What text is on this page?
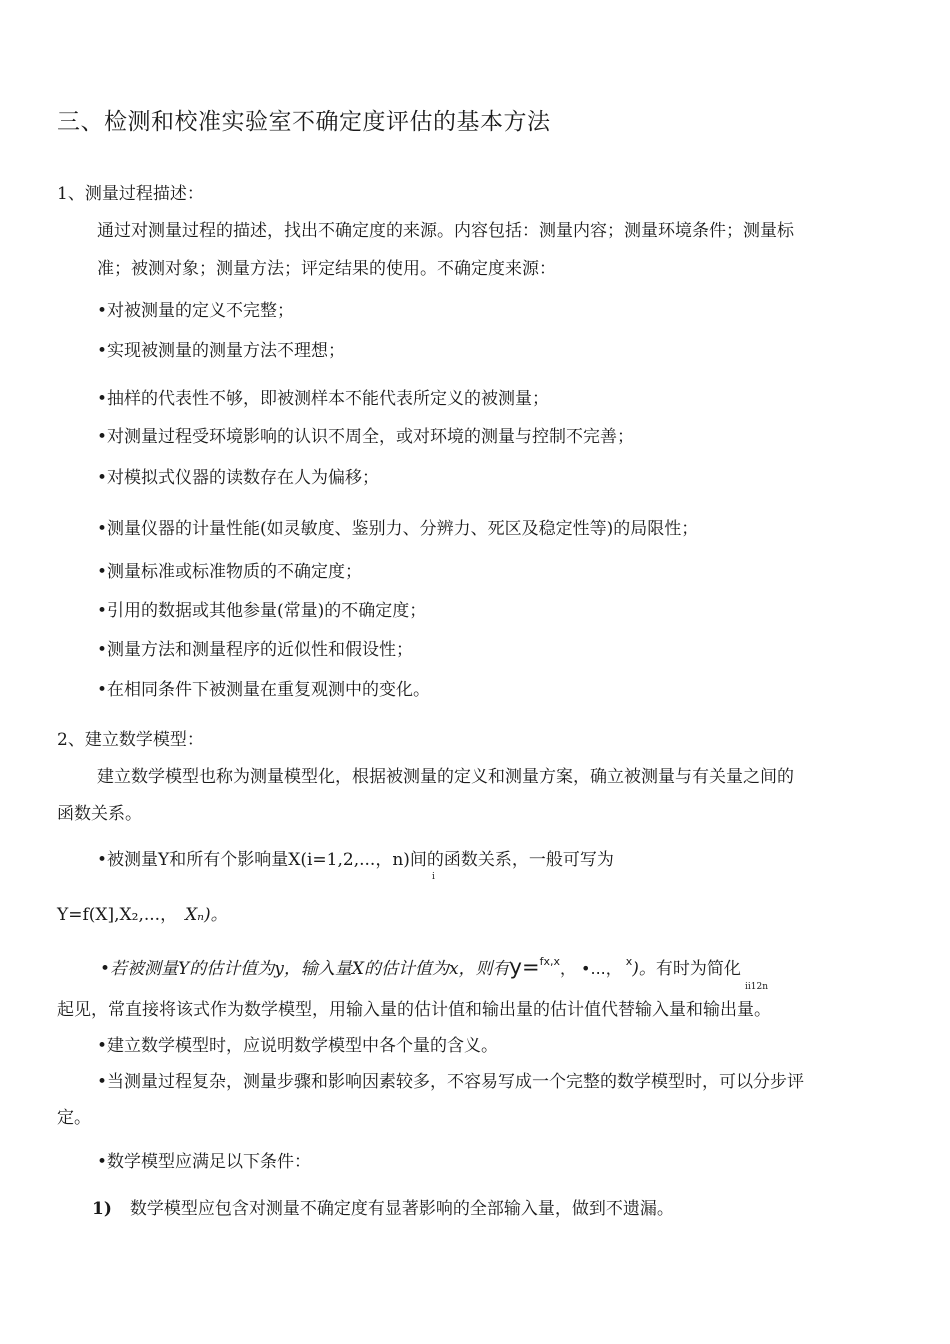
三、检测和校准实验室不确定度评估的基本方法
1、测量过程描述：
通过对测量过程的描述，找出不确定度的来源。内容包括：测量内容；测量环境条件；测量标
准；被测对象；测量方法；评定结果的使用。不确定度来源：
•对被测量的定义不完整；
•实现被测量的测量方法不理想；
•抽样的代表性不够，即被测样本不能代表所定义的被测量；
•对测量过程受环境影响的认识不周全，或对环境的测量与控制不完善；
•对模拟式仪器的读数存在人为偏移；
•测量仪器的计量性能(如灵敏度、鉴别力、分辨力、死区及稳定性等)的局限性；
•测量标准或标准物质的不确定度；
•引用的数据或其他参量(常量)的不确定度；
•测量方法和测量程序的近似性和假设性；
•在相同条件下被测量在重复观测中的变化。
2、建立数学模型：
建立数学模型也称为测量模型化，根据被测量的定义和测量方案，确立被测量与有关量之间的
函数关系。
•被测量Y和所有个影响量X(i=1,2,...，n)间的函数关系，一般可写为
i
Y=f(X],X₂,...， Xₙ)。
•若被测量Y的估计值为y，输入量X的估计值为x，则有y=$^{fx,x}$， •...， $^x$)。有时为简化
ii12n
起见，常直接将该式作为数学模型，用输入量的估计值和输出量的估计值代替输入量和输出量。
•建立数学模型时，应说明数学模型中各个量的含义。
•当测量过程复杂，测量步骤和影响因素较多，不容易写成一个完整的数学模型时，可以分步评
定。
•数学模型应满足以下条件：
1) 数学模型应包含对测量不确定度有显著影响的全部输入量，做到不遗漏。
